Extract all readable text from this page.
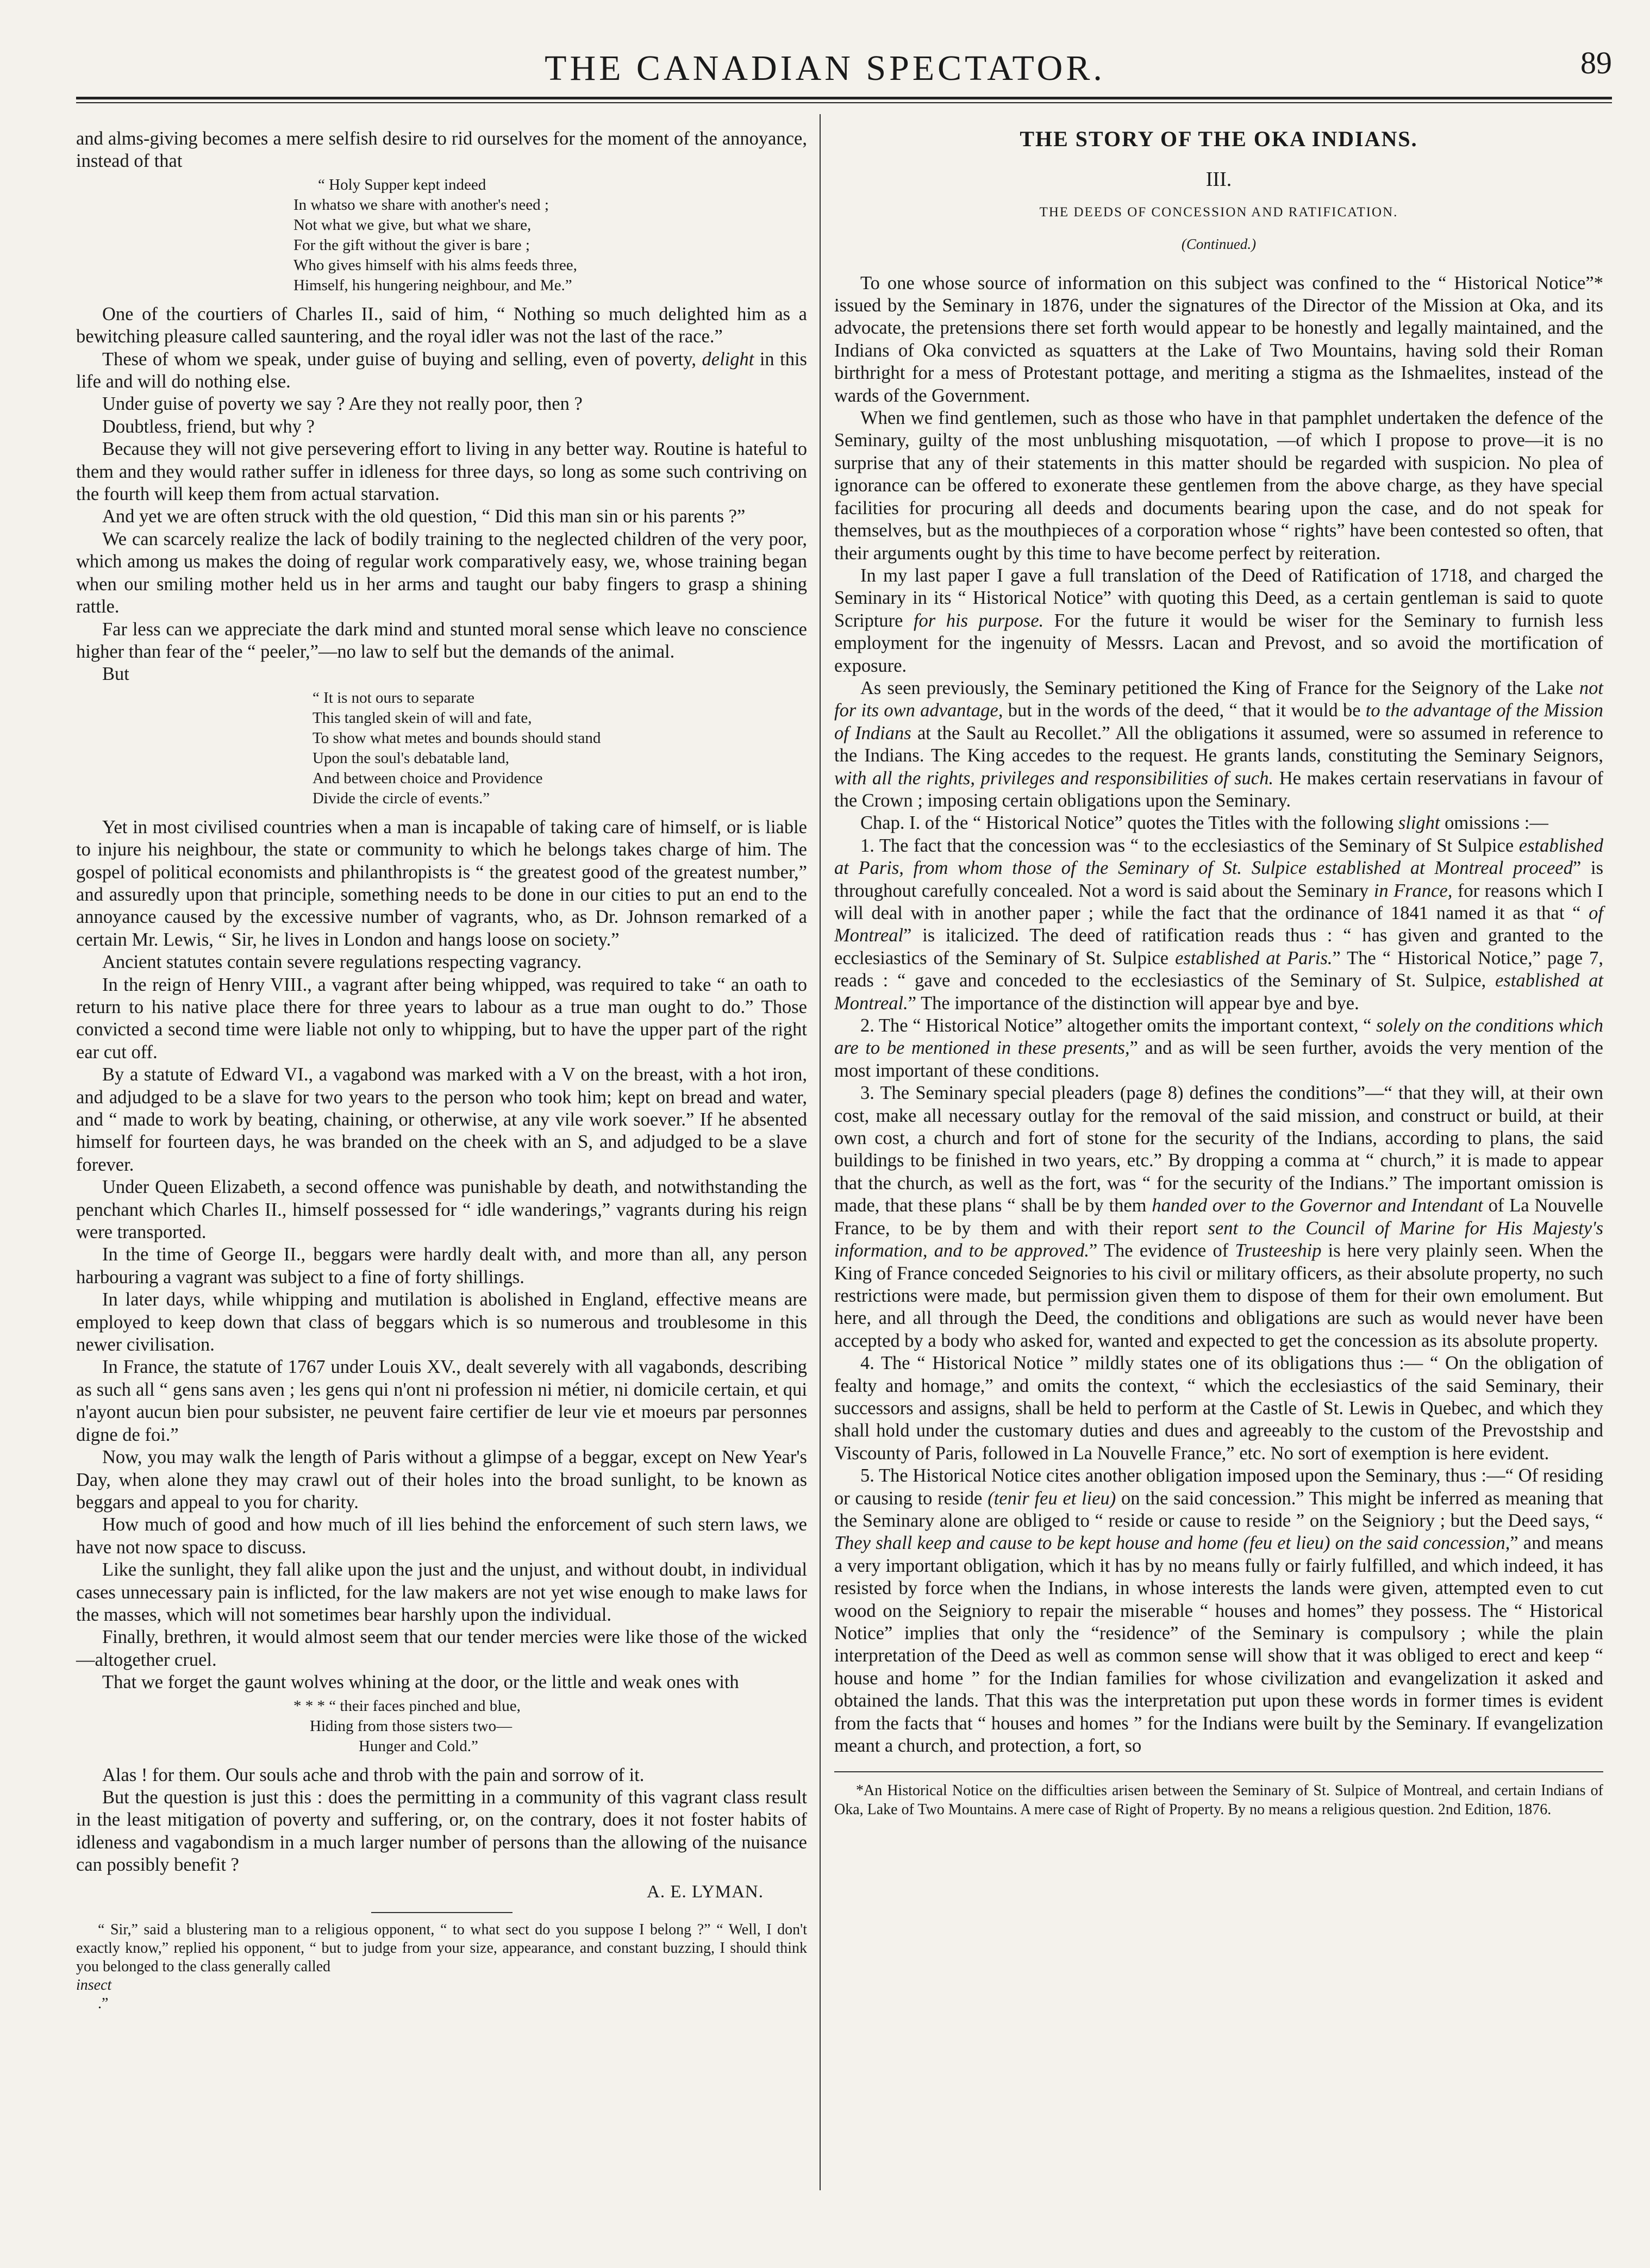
THE CANADIAN SPECTATOR.	89

and alms-giving becomes a mere selfish desire to rid ourselves for the moment of the annoyance, instead of that

“ Holy Supper kept indeed
In whatso we share with another's need ;
Not what we give, but what we share,
For the gift without the giver is bare ;
Who gives himself with his alms feeds three,
Himself, his hungering neighbour, and Me.”

One of the courtiers of Charles II., said of him, “ Nothing so much delighted him as a bewitching pleasure called sauntering, and the royal idler was not the last of the race.”

These of whom we speak, under guise of buying and selling, even of poverty, delight in this life and will do nothing else.

Under guise of poverty we say ? Are they not really poor, then ?

Doubtless, friend, but why ?

Because they will not give persevering effort to living in any better way. Routine is hateful to them and they would rather suffer in idleness for three days, so long as some such contriving on the fourth will keep them from actual starvation.

And yet we are often struck with the old question, “ Did this man sin or his parents ?”

We can scarcely realize the lack of bodily training to the neglected children of the very poor, which among us makes the doing of regular work comparatively easy, we, whose training began when our smiling mother held us in her arms and taught our baby fingers to grasp a shining rattle.

Far less can we appreciate the dark mind and stunted moral sense which leave no conscience higher than fear of the “ peeler,”—no law to self but the demands of the animal.

But

“ It is not ours to separate
This tangled skein of will and fate,
To show what metes and bounds should stand
Upon the soul's debatable land,
And between choice and Providence
Divide the circle of events.”

Yet in most civilised countries when a man is incapable of taking care of himself, or is liable to injure his neighbour, the state or community to which he belongs takes charge of him. The gospel of political economists and philanthropists is “ the greatest good of the greatest number,” and assuredly upon that principle, something needs to be done in our cities to put an end to the annoyance caused by the excessive number of vagrants, who, as Dr. Johnson remarked of a certain Mr. Lewis, “ Sir, he lives in London and hangs loose on society.”

Ancient statutes contain severe regulations respecting vagrancy.

In the reign of Henry VIII., a vagrant after being whipped, was required to take “ an oath to return to his native place there for three years to labour as a true man ought to do.” Those convicted a second time were liable not only to whipping, but to have the upper part of the right ear cut off.

By a statute of Edward VI., a vagabond was marked with a V on the breast, with a hot iron, and adjudged to be a slave for two years to the person who took him; kept on bread and water, and “ made to work by beating, chaining, or otherwise, at any vile work soever.” If he absented himself for fourteen days, he was branded on the cheek with an S, and adjudged to be a slave forever.

Under Queen Elizabeth, a second offence was punishable by death, and notwithstanding the penchant which Charles II., himself possessed for “ idle wanderings,” vagrants during his reign were transported.

In the time of George II., beggars were hardly dealt with, and more than all, any person harbouring a vagrant was subject to a fine of forty shillings.

In later days, while whipping and mutilation is abolished in England, effective means are employed to keep down that class of beggars which is so numerous and troublesome in this newer civilisation.

In France, the statute of 1767 under Louis XV., dealt severely with all vagabonds, describing as such all “ gens sans aven ; les gens qui n'ont ni profession ni métier, ni domicile certain, et qui n'ayont aucun bien pour subsister, ne peuvent faire certifier de leur vie et moeurs par personnes digne de foi.”

Now, you may walk the length of Paris without a glimpse of a beggar, except on New Year's Day, when alone they may crawl out of their holes into the broad sunlight, to be known as beggars and appeal to you for charity.

How much of good and how much of ill lies behind the enforcement of such stern laws, we have not now space to discuss.

Like the sunlight, they fall alike upon the just and the unjust, and without doubt, in individual cases unnecessary pain is inflicted, for the law makers are not yet wise enough to make laws for the masses, which will not sometimes bear harshly upon the individual.

Finally, brethren, it would almost seem that our tender mercies were like those of the wicked—altogether cruel.

That we forget the gaunt wolves whining at the door, or the little and weak ones with

* * * “ their faces pinched and blue,
Hiding from those sisters two—
Hunger and Cold.”

Alas ! for them. Our souls ache and throb with the pain and sorrow of it.

But the question is just this : does the permitting in a community of this vagrant class result in the least mitigation of poverty and suffering, or, on the contrary, does it not foster habits of idleness and vagabondism in a much larger number of persons than the allowing of the nuisance can possibly benefit ?

A. E. LYMAN.
“ Sir,” said a blustering man to a religious opponent, “ to what sect do you suppose I belong ?” “ Well, I don't exactly know,” replied his opponent, “ but to judge from your size, appearance, and constant buzzing, I should think you belonged to the class generally called
insect
.”
THE STORY OF THE OKA INDIANS.
III.
THE DEEDS OF CONCESSION AND RATIFICATION.
(Continued.)

To one whose source of information on this subject was confined to the “ Historical Notice”* issued by the Seminary in 1876, under the signatures of the Director of the Mission at Oka, and its advocate, the pretensions there set forth would appear to be honestly and legally maintained, and the Indians of Oka convicted as squatters at the Lake of Two Mountains, having sold their Roman birthright for a mess of Protestant pottage, and meriting a stigma as the Ishmaelites, instead of the wards of the Government.

When we find gentlemen, such as those who have in that pamphlet undertaken the defence of the Seminary, guilty of the most unblushing misquotation, —of which I propose to prove—it is no surprise that any of their statements in this matter should be regarded with suspicion. No plea of ignorance can be offered to exonerate these gentlemen from the above charge, as they have special facilities for procuring all deeds and documents bearing upon the case, and do not speak for themselves, but as the mouthpieces of a corporation whose “ rights” have been contested so often, that their arguments ought by this time to have become perfect by reiteration.

In my last paper I gave a full translation of the Deed of Ratification of 1718, and charged the Seminary in its “ Historical Notice” with quoting this Deed, as a certain gentleman is said to quote Scripture for his purpose. For the future it would be wiser for the Seminary to furnish less employment for the ingenuity of Messrs. Lacan and Prevost, and so avoid the mortification of exposure.

As seen previously, the Seminary petitioned the King of France for the Seignory of the Lake not for its own advantage, but in the words of the deed, “ that it would be to the advantage of the Mission of Indians at the Sault au Recollet.” All the obligations it assumed, were so assumed in reference to the Indians. The King accedes to the request. He grants lands, constituting the Seminary Seignors, with all the rights, privileges and responsibilities of such. He makes certain reservatians in favour of the Crown ; imposing certain obligations upon the Seminary.

Chap. I. of the “ Historical Notice” quotes the Titles with the following slight omissions :—

1. The fact that the concession was “ to the ecclesiastics of the Seminary of St Sulpice established at Paris, from whom those of the Seminary of St. Sulpice established at Montreal proceed” is throughout carefully concealed. Not a word is said about the Seminary in France, for reasons which I will deal with in another paper ; while the fact that the ordinance of 1841 named it as that “ of Montreal” is italicized. The deed of ratification reads thus : “ has given and granted to the ecclesiastics of the Seminary of St. Sulpice established at Paris.” The “ Historical Notice,” page 7, reads : “ gave and conceded to the ecclesiastics of the Seminary of St. Sulpice, established at Montreal.” The importance of the distinction will appear bye and bye.

2. The “ Historical Notice” altogether omits the important context, “ solely on the conditions which are to be mentioned in these presents,” and as will be seen further, avoids the very mention of the most important of these conditions.

3. The Seminary special pleaders (page 8) defines the conditions”—“ that they will, at their own cost, make all necessary outlay for the removal of the said mission, and construct or build, at their own cost, a church and fort of stone for the security of the Indians, according to plans, the said buildings to be finished in two years, etc.” By dropping a comma at “ church,” it is made to appear that the church, as well as the fort, was “ for the security of the Indians.” The important omission is made, that these plans “ shall be by them handed over to the Governor and Intendant of La Nouvelle France, to be by them and with their report sent to the Council of Marine for His Majesty's information, and to be approved.” The evidence of Trusteeship is here very plainly seen. When the King of France conceded Seignories to his civil or military officers, as their absolute property, no such restrictions were made, but permission given them to dispose of them for their own emolument. But here, and all through the Deed, the conditions and obligations are such as would never have been accepted by a body who asked for, wanted and expected to get the concession as its absolute property.

4. The “ Historical Notice ” mildly states one of its obligations thus :— “ On the obligation of fealty and homage,” and omits the context, “ which the ecclesiastics of the said Seminary, their successors and assigns, shall be held to perform at the Castle of St. Lewis in Quebec, and which they shall hold under the customary duties and dues and agreeably to the custom of the Prevostship and Viscounty of Paris, followed in La Nouvelle France,” etc. No sort of exemption is here evident.

5. The Historical Notice cites another obligation imposed upon the Seminary, thus :—“ Of residing or causing to reside (tenir feu et lieu) on the said concession.” This might be inferred as meaning that the Seminary alone are obliged to “ reside or cause to reside ” on the Seigniory ; but the Deed says, “ They shall keep and cause to be kept house and home (feu et lieu) on the said concession,” and means a very important obligation, which it has by no means fully or fairly fulfilled, and which indeed, it has resisted by force when the Indians, in whose interests the lands were given, attempted even to cut wood on the Seigniory to repair the miserable “ houses and homes” they possess. The “ Historical Notice” implies that only the “residence” of the Seminary is compulsory ; while the plain interpretation of the Deed as well as common sense will show that it was obliged to erect and keep “ house and home ” for the Indian families for whose civilization and evangelization it asked and obtained the lands. That this was the interpretation put upon these words in former times is evident from the facts that “ houses and homes ” for the Indians were built by the Seminary. If evangelization meant a church, and protection, a fort, so

*An Historical Notice on the difficulties arisen between the Seminary of St. Sulpice of Montreal, and certain Indians of Oka, Lake of Two Mountains. A mere case of Right of Property. By no means a religious question. 2nd Edition, 1876.
